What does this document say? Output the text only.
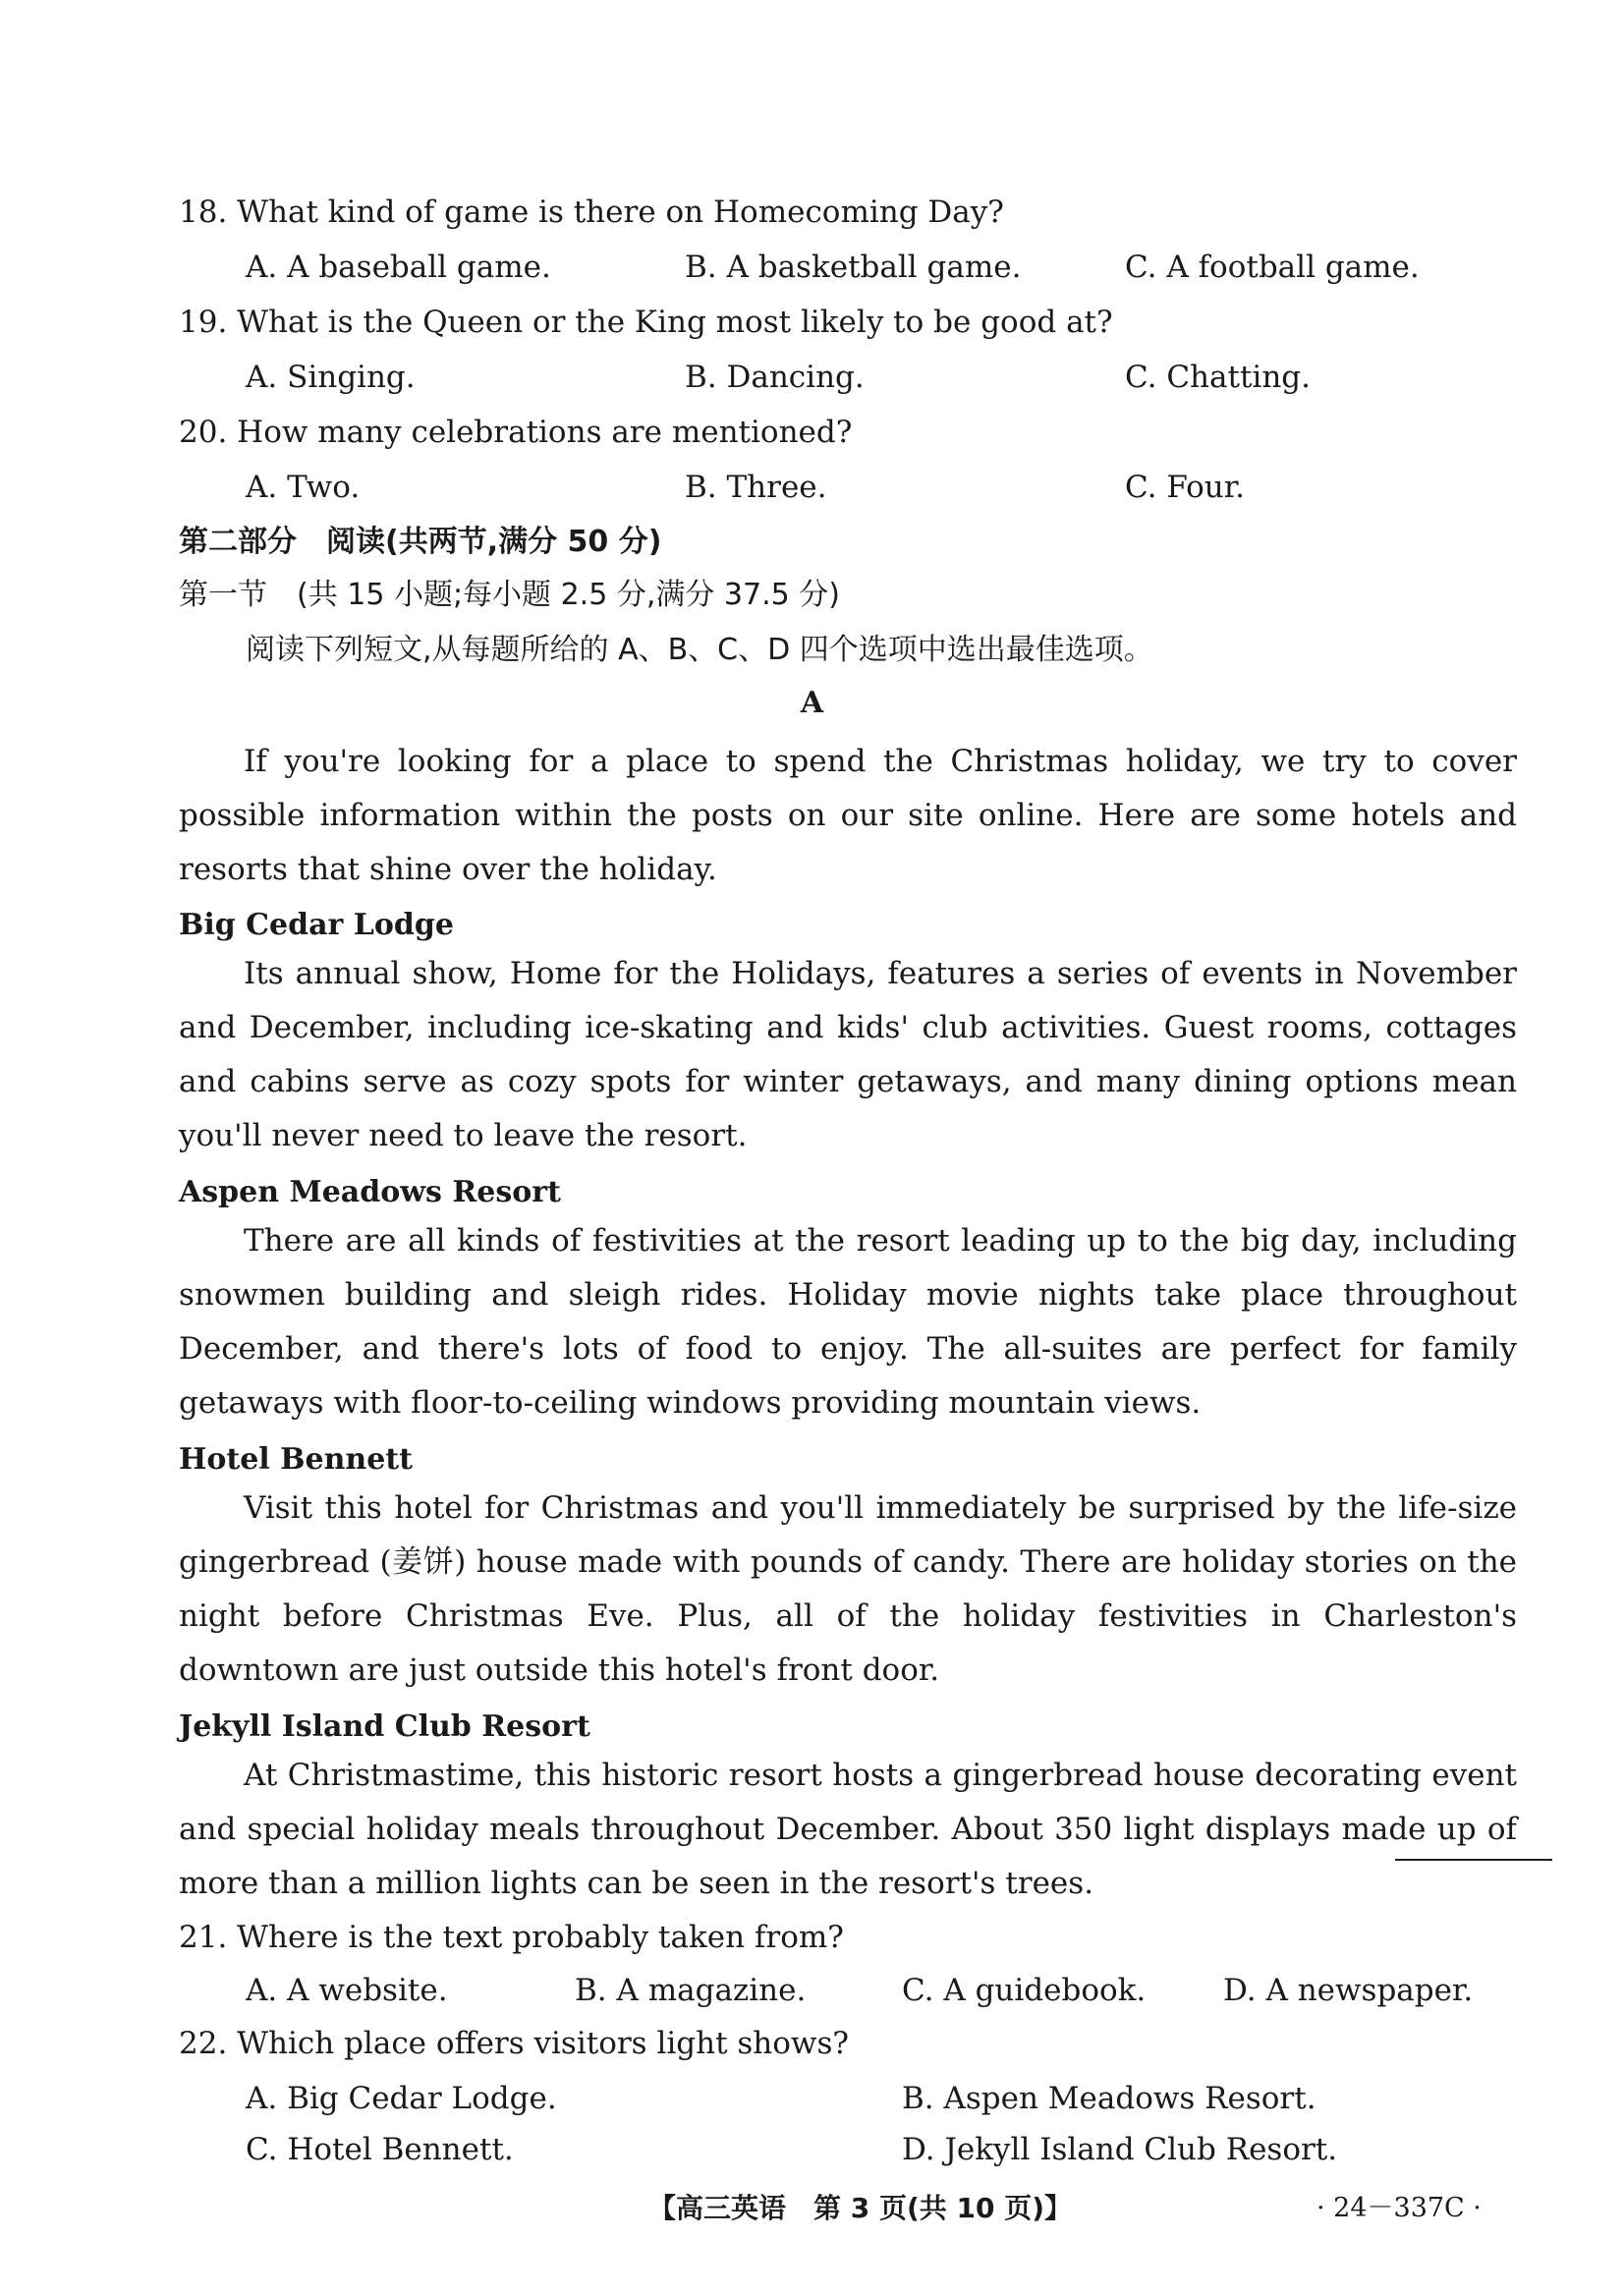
18. What kind of game is there on Homecoming Day?
A. A baseball game.	B. A basketball game.	C. A football game.
19. What is the Queen or the King most likely to be good at?
A. Singing.	B. Dancing.	C. Chatting.
20. How many celebrations are mentioned?
A. Two.	B. Three.	C. Four.
第二部分　阅读(共两节,满分 50 分)
第一节　(共 15 小题;每小题 2.5 分,满分 37.5 分)
阅读下列短文,从每题所给的 A、B、C、D 四个选项中选出最佳选项。
A
If you're looking for a place to spend the Christmas holiday, we try to cover possible information within the posts on our site online. Here are some hotels and resorts that shine over the holiday.
Big Cedar Lodge
Its annual show, Home for the Holidays, features a series of events in November and December, including ice-skating and kids' club activities. Guest rooms, cottages and cabins serve as cozy spots for winter getaways, and many dining options mean you'll never need to leave the resort.
Aspen Meadows Resort
There are all kinds of festivities at the resort leading up to the big day, including snowmen building and sleigh rides. Holiday movie nights take place throughout December, and there's lots of food to enjoy. The all-suites are perfect for family getaways with floor-to-ceiling windows providing mountain views.
Hotel Bennett
Visit this hotel for Christmas and you'll immediately be surprised by the life-size gingerbread (姜饼) house made with pounds of candy. There are holiday stories on the night before Christmas Eve. Plus, all of the holiday festivities in Charleston's downtown are just outside this hotel's front door.
Jekyll Island Club Resort
At Christmastime, this historic resort hosts a gingerbread house decorating event and special holiday meals throughout December. About 350 light displays made up of more than a million lights can be seen in the resort's trees.
21. Where is the text probably taken from?
A. A website.	B. A magazine.	C. A guidebook.	D. A newspaper.
22. Which place offers visitors light shows?
A. Big Cedar Lodge.	B. Aspen Meadows Resort.
C. Hotel Bennett.	D. Jekyll Island Club Resort.
【高三英语　第 3 页(共 10 页)】	· 24－337C ·
